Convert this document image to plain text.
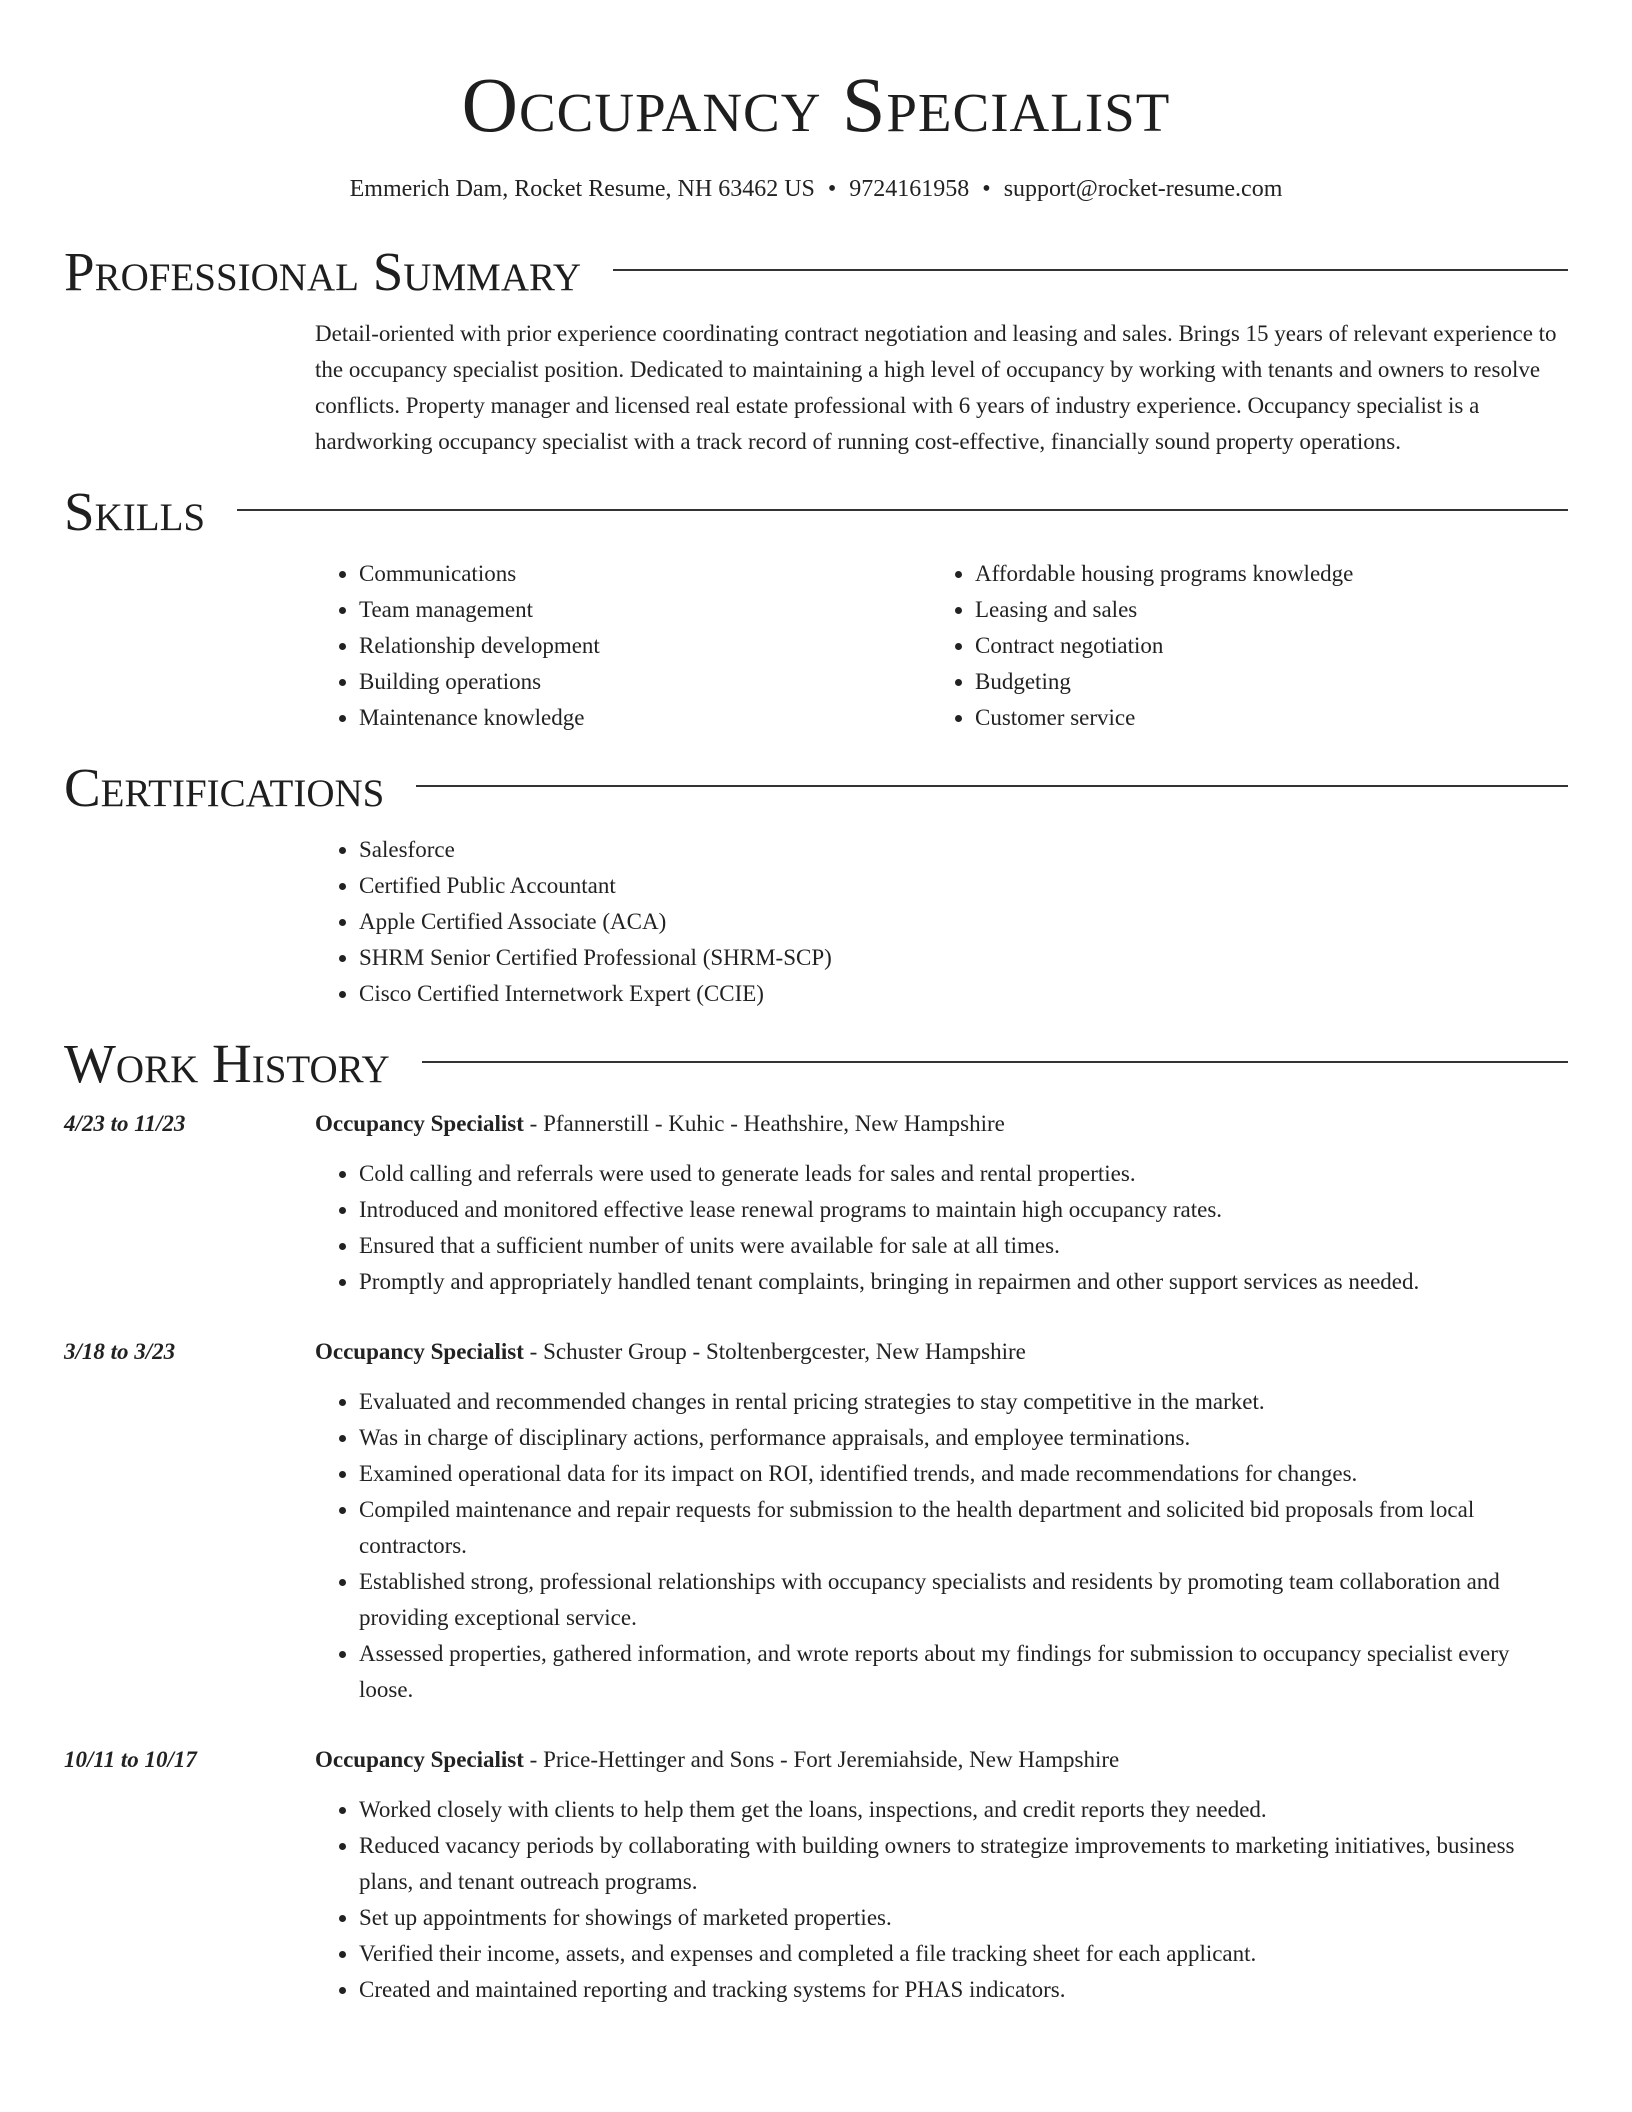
Occupancy Specialist
Emmerich Dam, Rocket Resume, NH 63462 US • 9724161958 • support@rocket-resume.com
Professional Summary
Detail-oriented with prior experience coordinating contract negotiation and leasing and sales. Brings 15 years of relevant experience to the occupancy specialist position. Dedicated to maintaining a high level of occupancy by working with tenants and owners to resolve conflicts. Property manager and licensed real estate professional with 6 years of industry experience. Occupancy specialist is a hardworking occupancy specialist with a track record of running cost-effective, financially sound property operations.
Skills
• Communications
• Team management
• Relationship development
• Building operations
• Maintenance knowledge
• Affordable housing programs knowledge
• Leasing and sales
• Contract negotiation
• Budgeting
• Customer service
Certifications
• Salesforce
• Certified Public Accountant
• Apple Certified Associate (ACA)
• SHRM Senior Certified Professional (SHRM-SCP)
• Cisco Certified Internetwork Expert (CCIE)
Work History
4/23 to 11/23	Occupancy Specialist - Pfannerstill - Kuhic - Heathshire, New Hampshire
• Cold calling and referrals were used to generate leads for sales and rental properties.
• Introduced and monitored effective lease renewal programs to maintain high occupancy rates.
• Ensured that a sufficient number of units were available for sale at all times.
• Promptly and appropriately handled tenant complaints, bringing in repairmen and other support services as needed.
3/18 to 3/23	Occupancy Specialist - Schuster Group - Stoltenbergcester, New Hampshire
• Evaluated and recommended changes in rental pricing strategies to stay competitive in the market.
• Was in charge of disciplinary actions, performance appraisals, and employee terminations.
• Examined operational data for its impact on ROI, identified trends, and made recommendations for changes.
• Compiled maintenance and repair requests for submission to the health department and solicited bid proposals from local contractors.
• Established strong, professional relationships with occupancy specialists and residents by promoting team collaboration and providing exceptional service.
• Assessed properties, gathered information, and wrote reports about my findings for submission to occupancy specialist every loose.
10/11 to 10/17	Occupancy Specialist - Price-Hettinger and Sons - Fort Jeremiahside, New Hampshire
• Worked closely with clients to help them get the loans, inspections, and credit reports they needed.
• Reduced vacancy periods by collaborating with building owners to strategize improvements to marketing initiatives, business plans, and tenant outreach programs.
• Set up appointments for showings of marketed properties.
• Verified their income, assets, and expenses and completed a file tracking sheet for each applicant.
• Created and maintained reporting and tracking systems for PHAS indicators.
